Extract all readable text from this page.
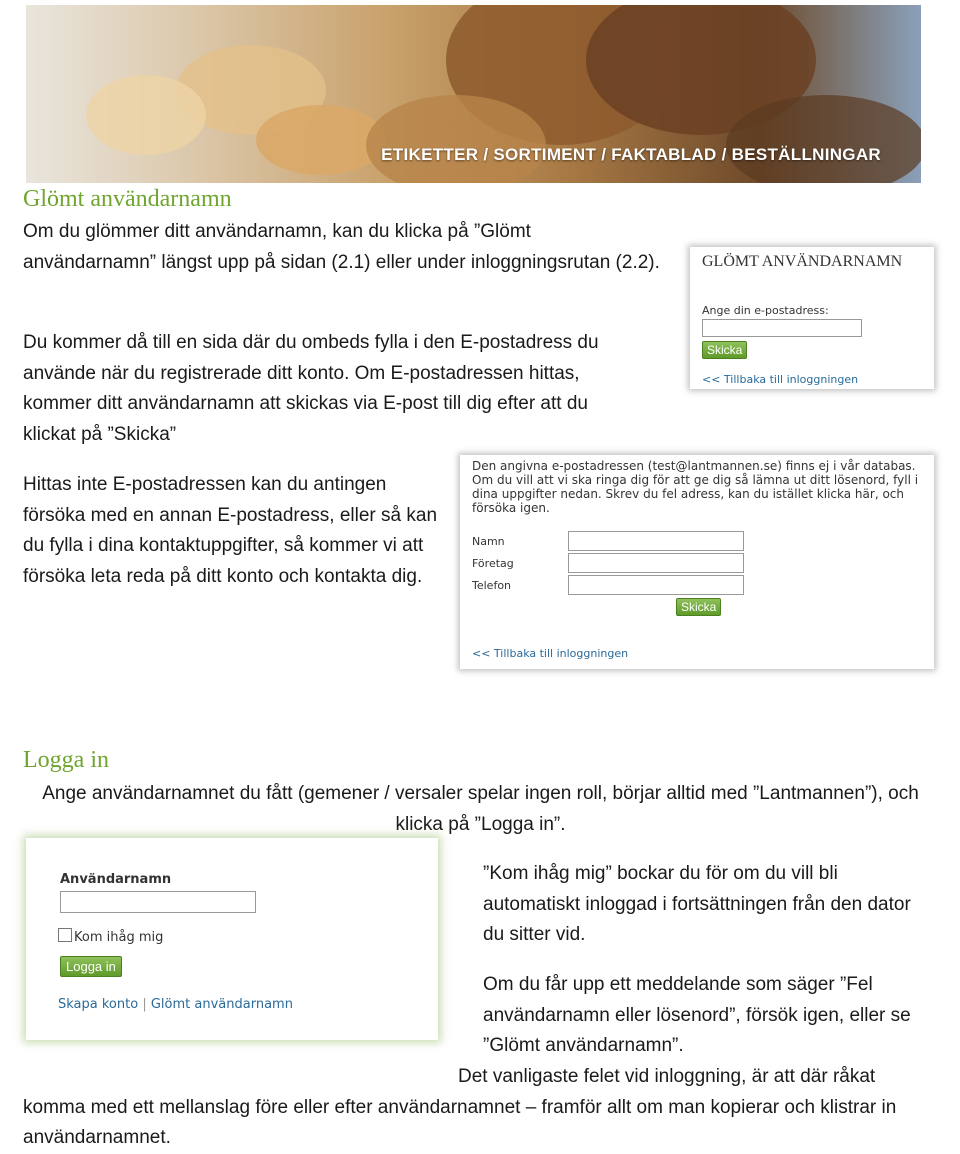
ETIKETTER / SORTIMENT / FAKTABLAD / BESTÄLLNINGAR
Glömt användarnamn

Om du glömmer ditt användarnamn, kan du klicka på ”Glömt användarnamn” längst upp på sidan (2.1) eller under inloggningsrutan (2.2).

Du kommer då till en sida där du ombeds fylla i den E-postadress du använde när du registrerade ditt konto. Om E-postadressen hittas, kommer ditt användarnamn att skickas via E-post till dig efter att du klickat på ”Skicka”

Hittas inte E-postadressen kan du antingen försöka med en annan E-postadress, eller så kan du fylla i dina kontaktuppgifter, så kommer vi att försöka leta reda på ditt konto och kontakta dig.

GLÖMT ANVÄNDARNAMN
Ange din e-postadress:
Skicka
<< Tillbaka till inloggningen
Den angivna e-postadressen (test@lantmannen.se) finns ej i vår databas. Om du vill att vi ska ringa dig för att ge dig så lämna ut ditt lösenord, fyll i dina uppgifter nedan. Skrev du fel adress, kan du istället klicka här, och försöka igen.
Namn
Företag
Telefon
Skicka
<< Tillbaka till inloggningen
Logga in

Ange användarnamnet du fått (gemener / versaler spelar ingen roll, börjar alltid med ”Lantmannen”), och klicka på ”Logga in”.

Användarnamn
Kom ihåg mig
Logga in
Skapa konto | Glömt användarnamn

”Kom ihåg mig” bockar du för om du vill bli automatiskt inloggad i fortsättningen från den dator du sitter vid.

Om du får upp ett meddelande som säger ”Fel användarnamn eller lösenord”, försök igen, eller se ”Glömt användarnamn”.

Det vanligaste felet vid inloggning, är att där råkat komma med ett mellanslag före eller efter användarnamnet – framför allt om man kopierar och klistrar in användarnamnet.
